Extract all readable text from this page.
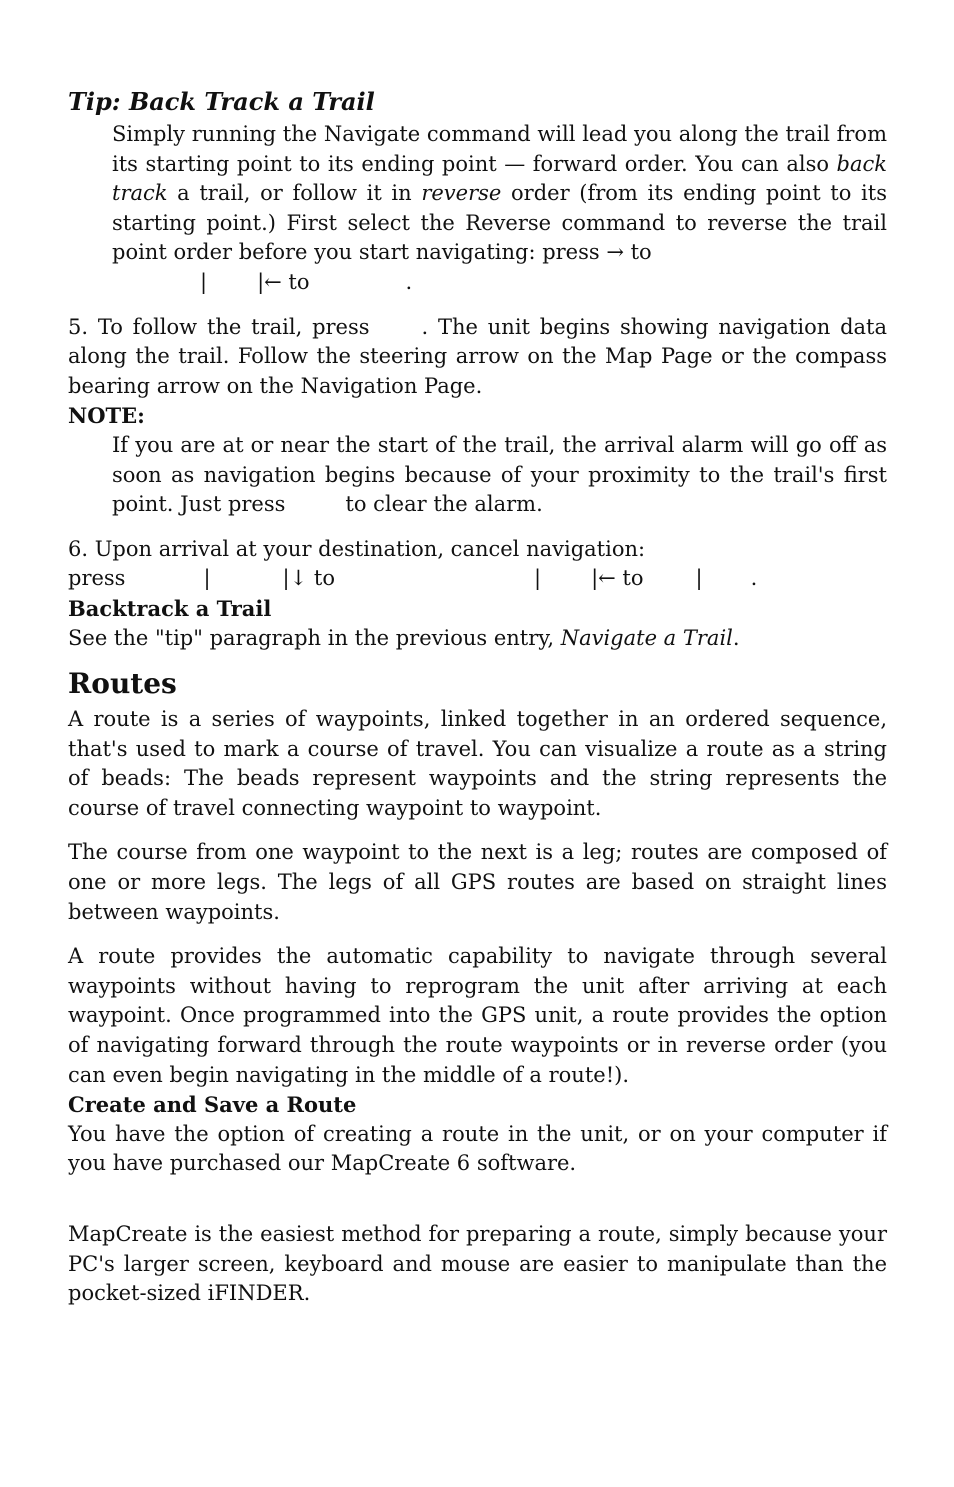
Tip: Back Track a Trail

Simply running the Navigate command will lead you along the trail from its starting point to its ending point — forward order. You can also back track a trail, or follow it in reverse order (from its ending point to its starting point.) First select the Reverse command to reverse the trail point order before you start navigating: press → to

| |← to	.

5. To follow the trail, press . The unit begins showing navigation data along the trail. Follow the steering arrow on the Map Page or the compass bearing arrow on the Navigation Page.

NOTE:

If you are at or near the start of the trail, the arrival alarm will go off as soon as navigation begins because of your proximity to the trail's first point. Just press	to clear the alarm.

6. Upon arrival at your destination, cancel navigation:

press	|	|↓ to	| |← to | .

Backtrack a Trail

See the "tip" paragraph in the previous entry, Navigate a Trail.

Routes

A route is a series of waypoints, linked together in an ordered sequence, that's used to mark a course of travel. You can visualize a route as a string of beads: The beads represent waypoints and the string represents the course of travel connecting waypoint to waypoint.

The course from one waypoint to the next is a leg; routes are composed of one or more legs. The legs of all GPS routes are based on straight lines between waypoints.

A route provides the automatic capability to navigate through several waypoints without having to reprogram the unit after arriving at each waypoint. Once programmed into the GPS unit, a route provides the option of navigating forward through the route waypoints or in reverse order (you can even begin navigating in the middle of a route!).

Create and Save a Route

You have the option of creating a route in the unit, or on your computer if you have purchased our MapCreate 6 software.

MapCreate is the easiest method for preparing a route, simply because your PC's larger screen, keyboard and mouse are easier to manipulate than the pocket-sized iFINDER.
